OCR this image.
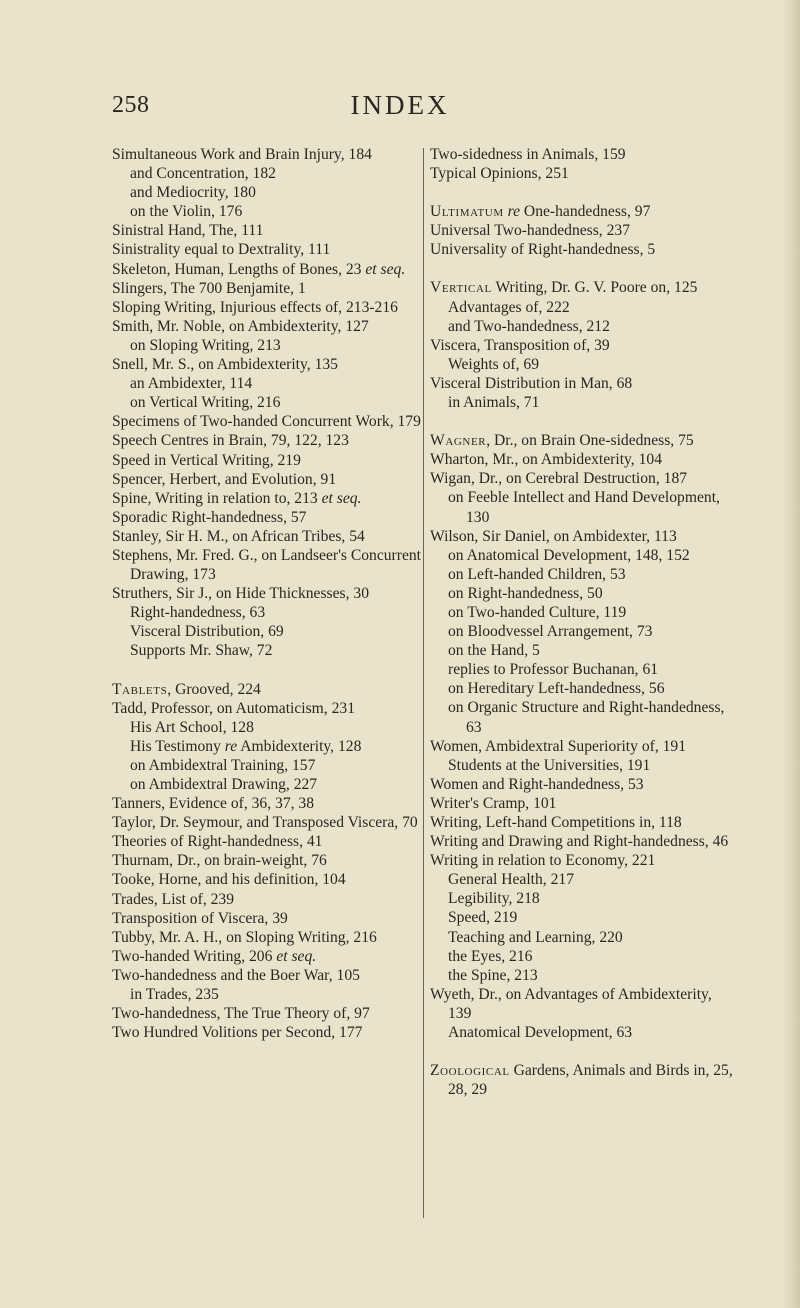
258	INDEX
Simultaneous Work and Brain Injury, 184
and Concentration, 182
and Mediocrity, 180
on the Violin, 176
Sinistral Hand, The, 111
Sinistrality equal to Dextrality, 111
Skeleton, Human, Lengths of Bones, 23 et seq.
Slingers, The 700 Benjamite, 1
Sloping Writing, Injurious effects of, 213-216
Smith, Mr. Noble, on Ambidexterity, 127
on Sloping Writing, 213
Snell, Mr. S., on Ambidexterity, 135
an Ambidexter, 114
on Vertical Writing, 216
Specimens of Two-handed Concurrent Work, 179
Speech Centres in Brain, 79, 122, 123
Speed in Vertical Writing, 219
Spencer, Herbert, and Evolution, 91
Spine, Writing in relation to, 213 et seq.
Sporadic Right-handedness, 57
Stanley, Sir H. M., on African Tribes, 54
Stephens, Mr. Fred. G., on Landseer's Concurrent Drawing, 173
Struthers, Sir J., on Hide Thicknesses, 30
Right-handedness, 63
Visceral Distribution, 69
Supports Mr. Shaw, 72
Tablets, Grooved, 224
Tadd, Professor, on Automaticism, 231
His Art School, 128
His Testimony re Ambidexterity, 128
on Ambidextral Training, 157
on Ambidextral Drawing, 227
Tanners, Evidence of, 36, 37, 38
Taylor, Dr. Seymour, and Transposed Viscera, 70
Theories of Right-handedness, 41
Thurnam, Dr., on brain-weight, 76
Tooke, Horne, and his definition, 104
Trades, List of, 239
Transposition of Viscera, 39
Tubby, Mr. A. H., on Sloping Writing, 216
Two-handed Writing, 206 et seq.
Two-handedness and the Boer War, 105
in Trades, 235
Two-handedness, The True Theory of, 97
Two Hundred Volitions per Second, 177
Two-sidedness in Animals, 159
Typical Opinions, 251
Ultimatum re One-handedness, 97
Universal Two-handedness, 237
Universality of Right-handedness, 5
Vertical Writing, Dr. G. V. Poore on, 125
Advantages of, 222
and Two-handedness, 212
Viscera, Transposition of, 39
Weights of, 69
Visceral Distribution in Man, 68
in Animals, 71
Wagner, Dr., on Brain One-sidedness, 75
Wharton, Mr., on Ambidexterity, 104
Wigan, Dr., on Cerebral Destruction, 187
on Feeble Intellect and Hand Development, 130
Wilson, Sir Daniel, on Ambidexter, 113
on Anatomical Development, 148, 152
on Left-handed Children, 53
on Right-handedness, 50
on Two-handed Culture, 119
on Bloodvessel Arrangement, 73
on the Hand, 5
replies to Professor Buchanan, 61
on Hereditary Left-handedness, 56
on Organic Structure and Right-handedness, 63
Women, Ambidextral Superiority of, 191
Students at the Universities, 191
Women and Right-handedness, 53
Writer's Cramp, 101
Writing, Left-hand Competitions in, 118
Writing and Drawing and Right-handedness, 46
Writing in relation to Economy, 221
General Health, 217
Legibility, 218
Speed, 219
Teaching and Learning, 220
the Eyes, 216
the Spine, 213
Wyeth, Dr., on Advantages of Ambidexterity, 139
Anatomical Development, 63
Zoological Gardens, Animals and Birds in, 25, 28, 29
